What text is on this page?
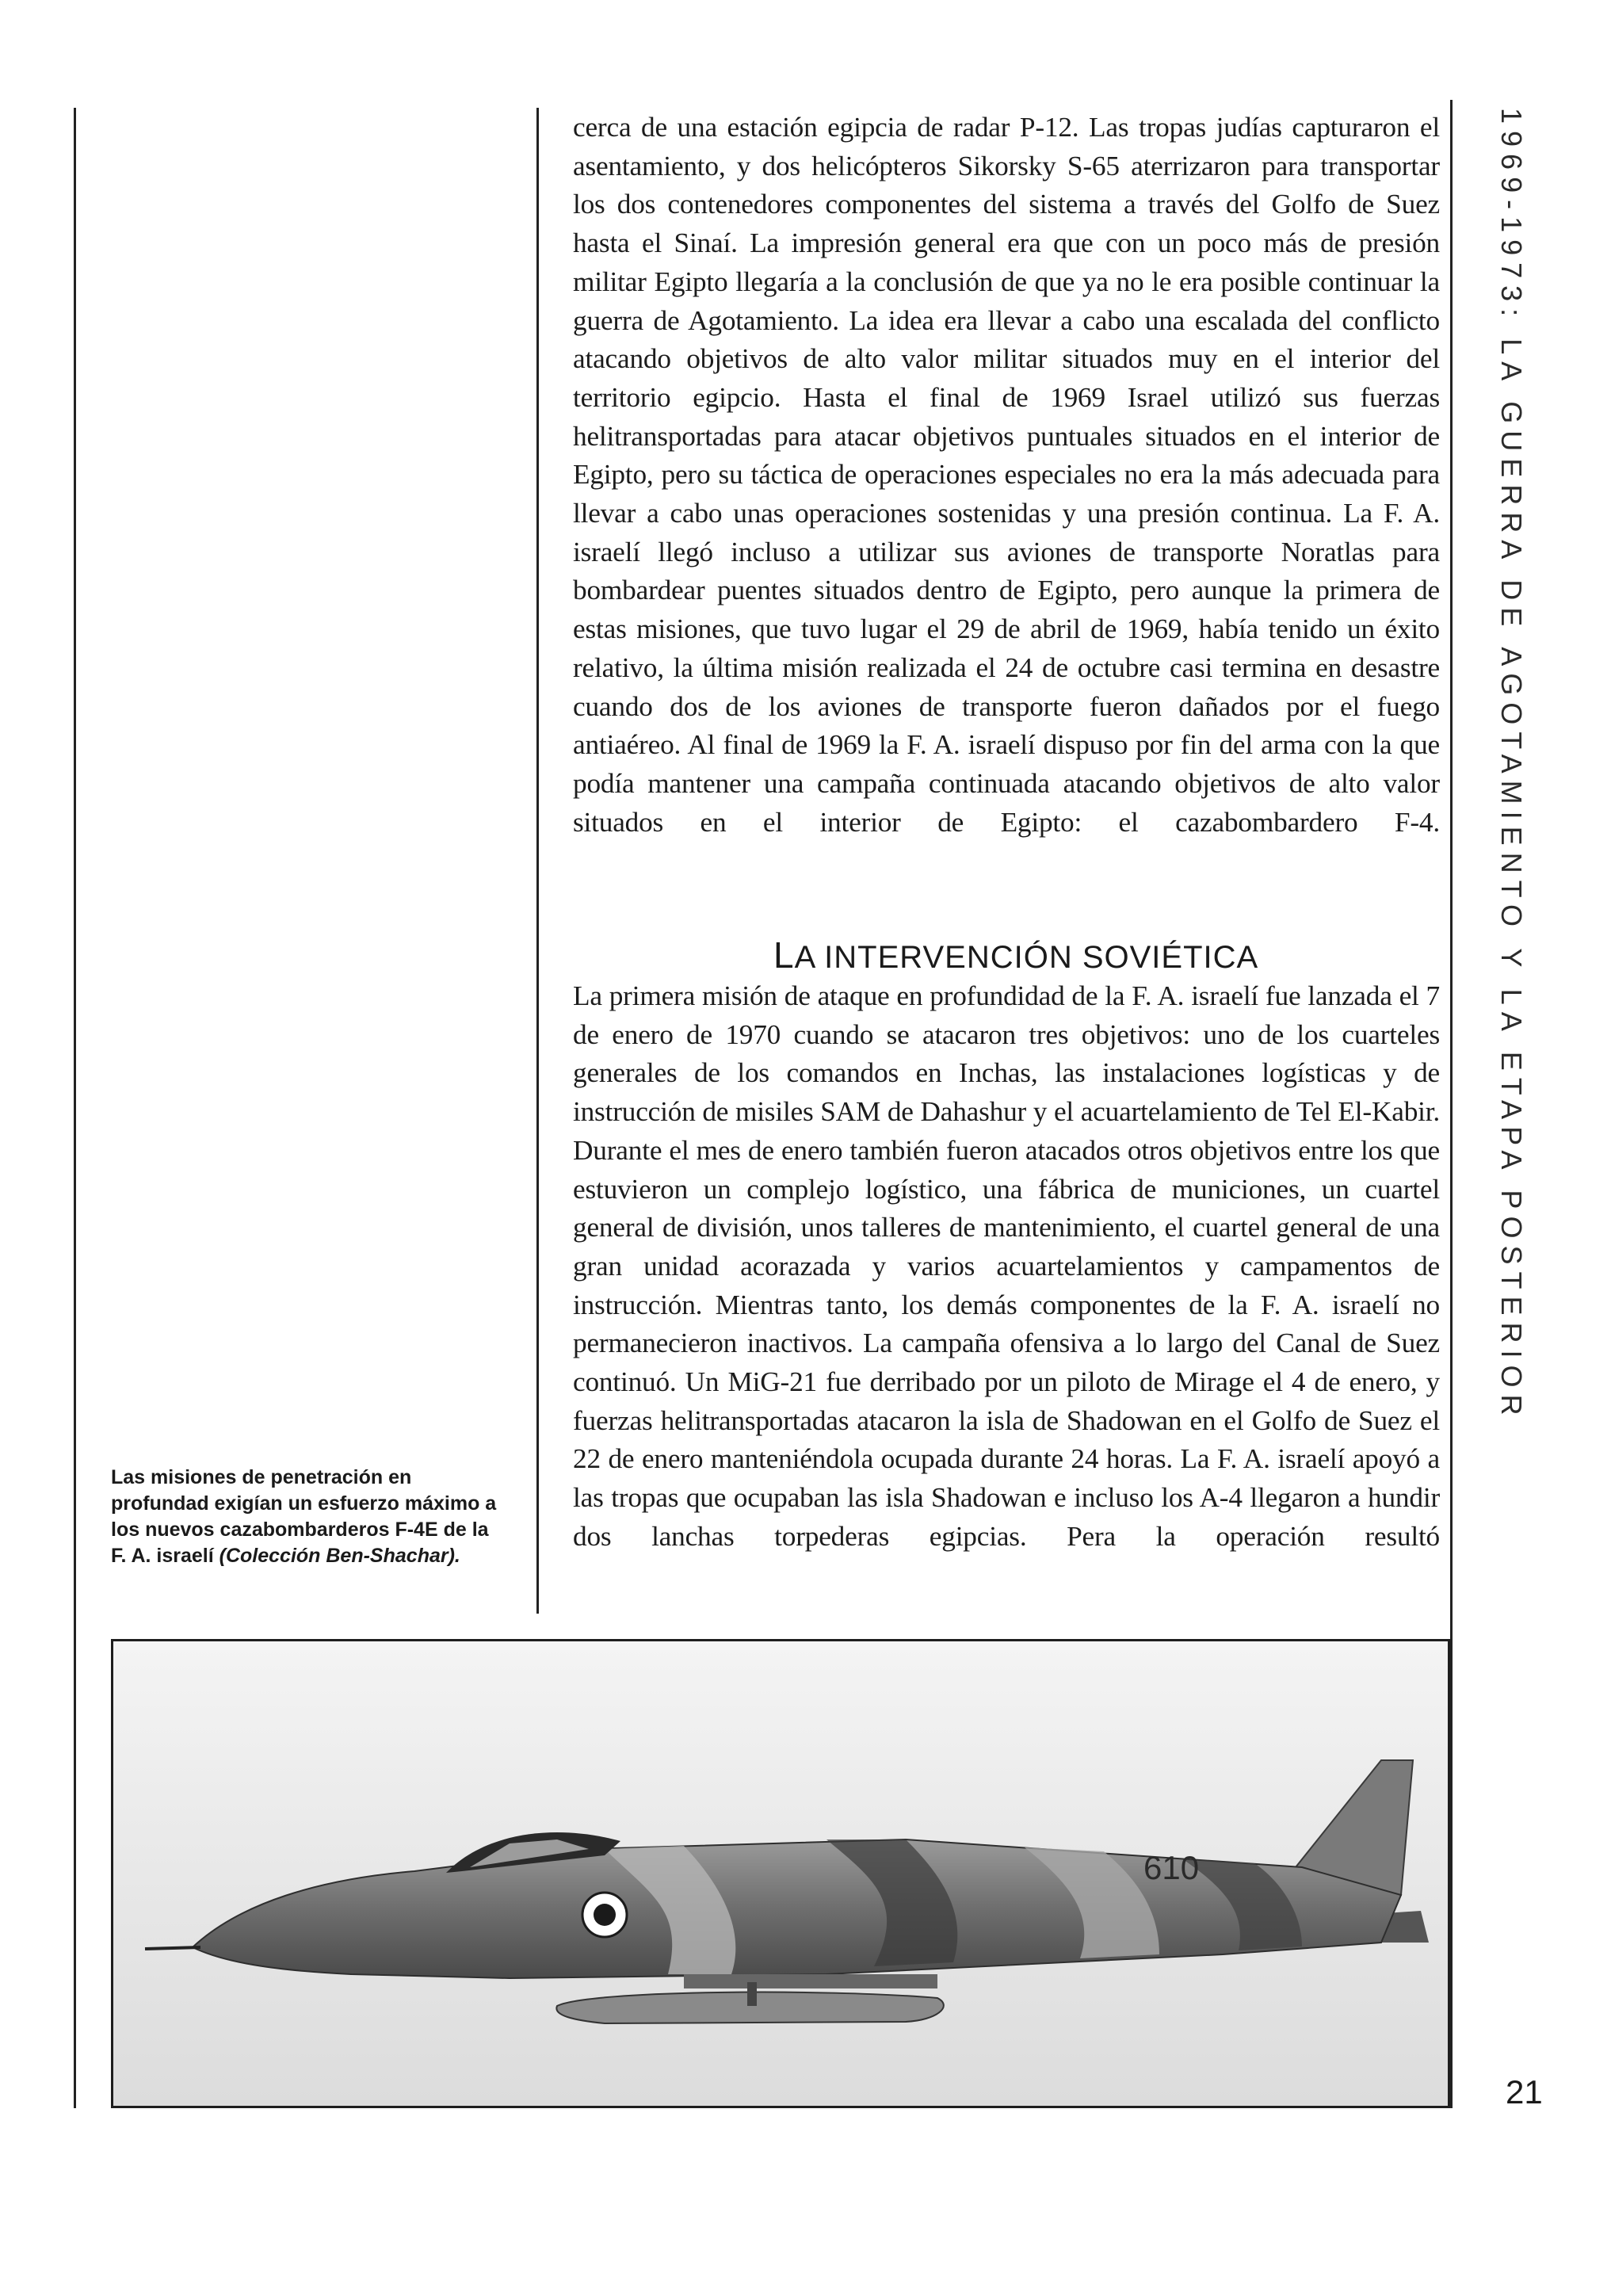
1969-1973: LA GUERRA DE AGOTAMIENTO Y LA ETAPA POSTERIOR
Las misiones de penetración en profundad exigían un esfuerzo máximo a los nuevos cazabombarderos F-4E de la F. A. israelí (Colección Ben-Shachar).

cerca de una estación egipcia de radar P-12. Las tropas judías capturaron el asentamiento, y dos helicópteros Sikorsky S-65 aterrizaron para transportar los dos contenedores componentes del sistema a través del Golfo de Suez hasta el Sinaí. La impresión general era que con un poco más de presión militar Egipto llegaría a la conclusión de que ya no le era posible continuar la guerra de Agotamiento. La idea era llevar a cabo una escalada del conflicto atacando objetivos de alto valor militar situados muy en el interior del territorio egipcio. Hasta el final de 1969 Israel utilizó sus fuerzas helitransportadas para atacar objetivos puntuales situados en el interior de Egipto, pero su táctica de operaciones especiales no era la más adecuada para llevar a cabo unas operaciones sostenidas y una presión continua. La F. A. israelí llegó incluso a utilizar sus aviones de transporte Noratlas para bombardear puentes situados dentro de Egipto, pero aunque la primera de estas misiones, que tuvo lugar el 29 de abril de 1969, había tenido un éxito relativo, la última misión realizada el 24 de octubre casi termina en desastre cuando dos de los aviones de transporte fueron dañados por el fuego antiaéreo. Al final de 1969 la F. A. israelí dispuso por fin del arma con la que podía mantener una campaña continuada atacando objetivos de alto valor situados en el interior de Egipto: el cazabombardero F-4.

LA INTERVENCIÓN SOVIÉTICA

La primera misión de ataque en profundidad de la F. A. israelí fue lanzada el 7 de enero de 1970 cuando se atacaron tres objetivos: uno de los cuarteles generales de los comandos en Inchas, las instalaciones logísticas y de instrucción de misiles SAM de Dahashur y el acuartelamiento de Tel El-Kabir. Durante el mes de enero también fueron atacados otros objetivos entre los que estuvieron un complejo logístico, una fábrica de municiones, un cuartel general de división, unos talleres de mantenimiento, el cuartel general de una gran unidad acorazada y varios acuartelamientos y campamentos de instrucción. Mientras tanto, los demás componentes de la F. A. israelí no permanecieron inactivos. La campaña ofensiva a lo largo del Canal de Suez continuó. Un MiG-21 fue derribado por un piloto de Mirage el 4 de enero, y fuerzas helitransportadas atacaron la isla de Shadowan en el Golfo de Suez el 22 de enero manteniéndola ocupada durante 24 horas. La F. A. israelí apoyó a las tropas que ocupaban las isla Shadowan e incluso los A-4 llegaron a hundir dos lanchas torpederas egipcias. Pera la operación resultó

610
21
